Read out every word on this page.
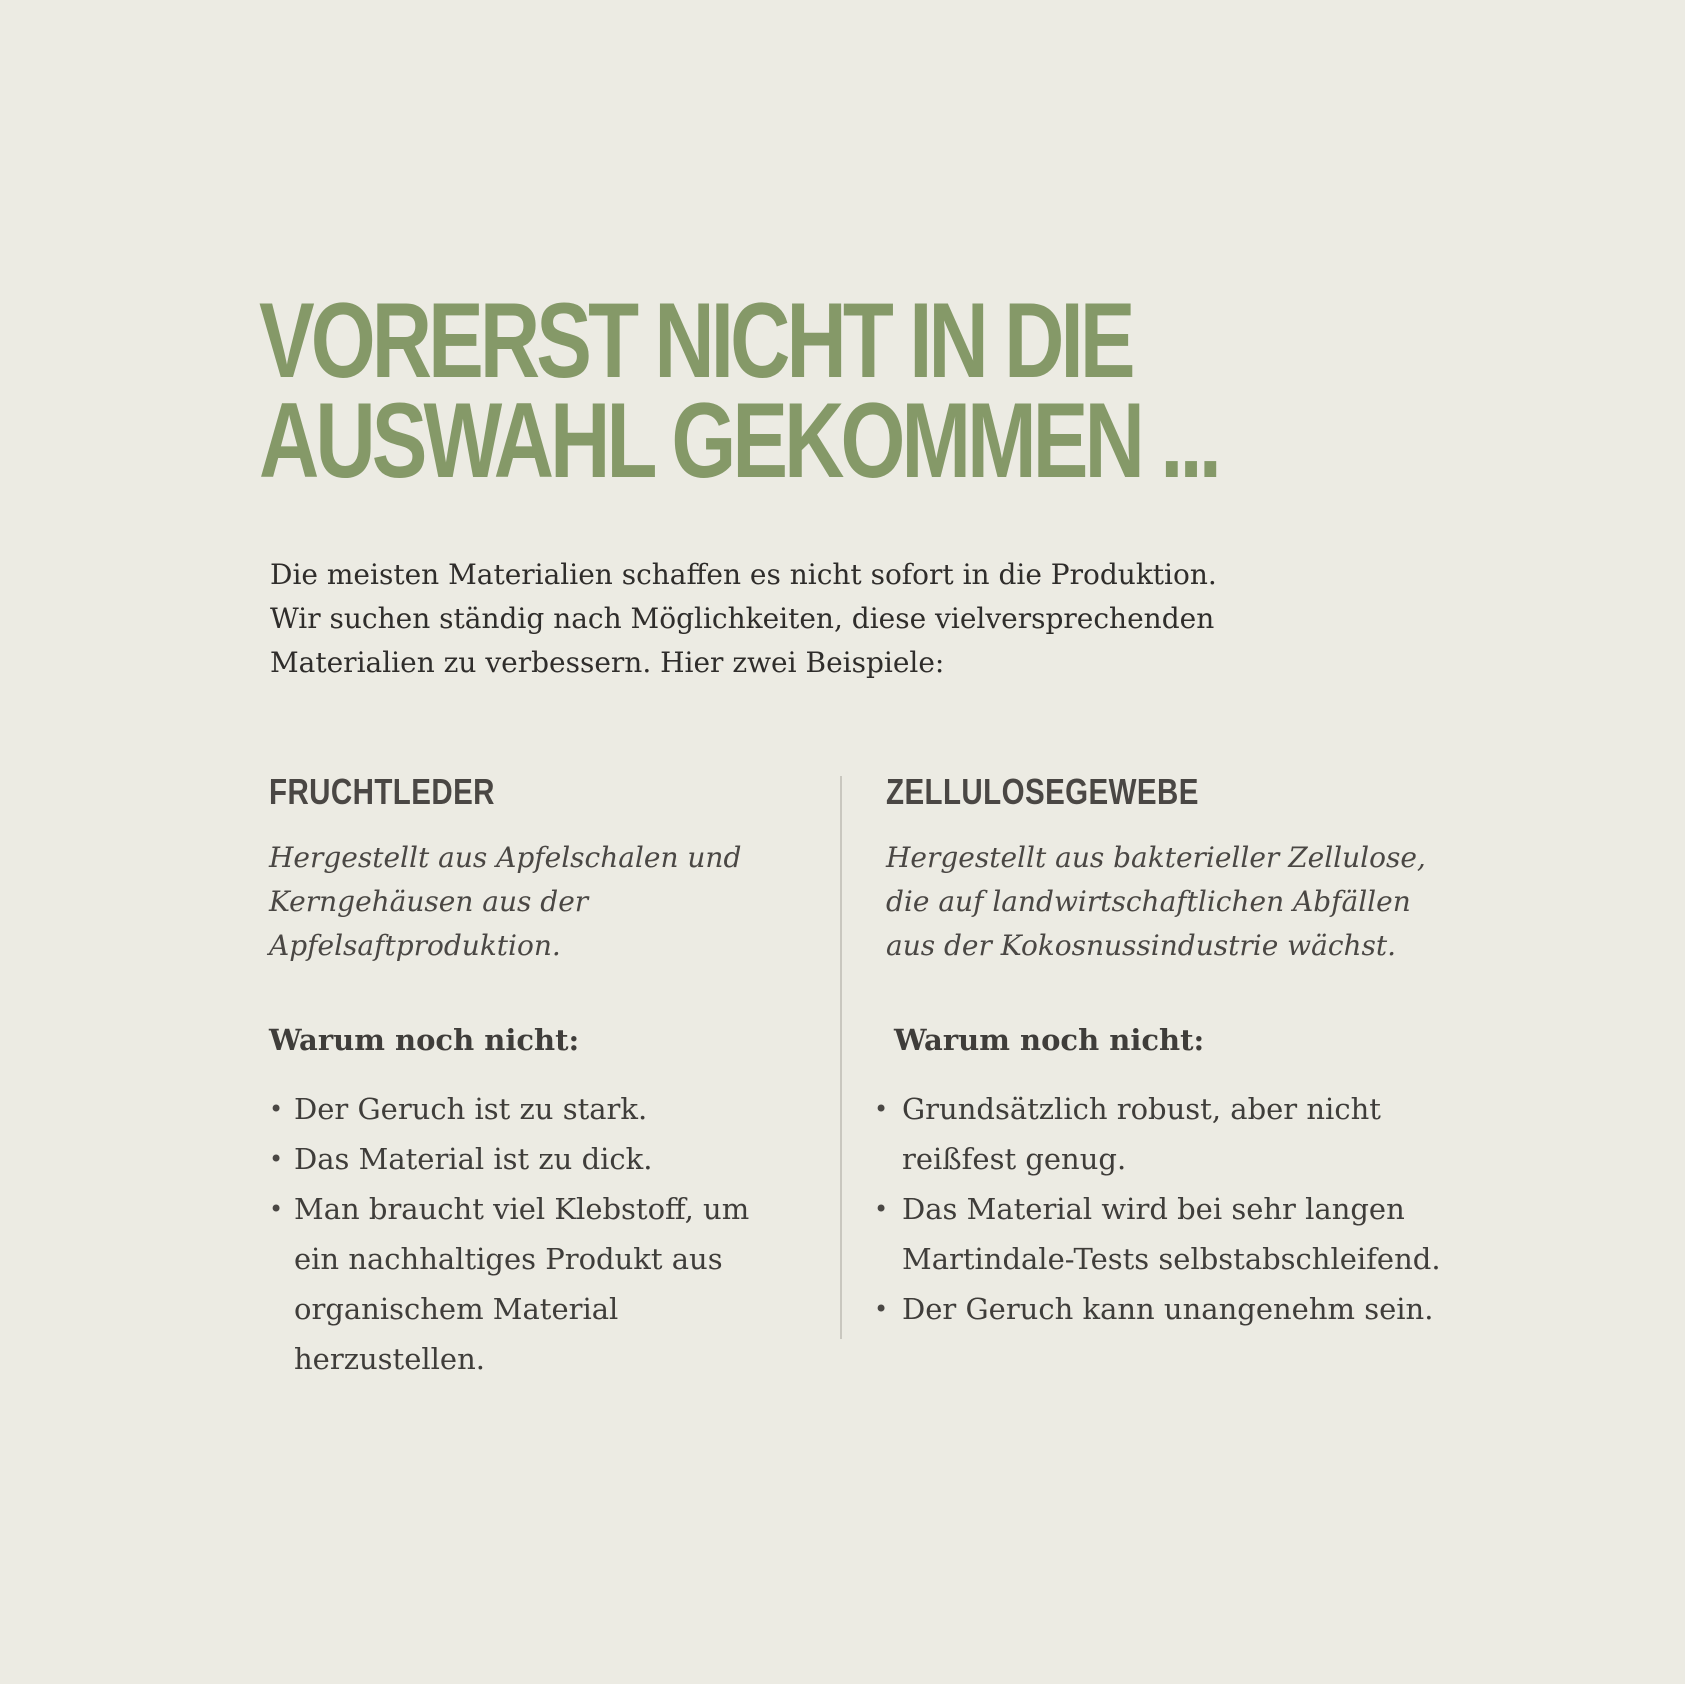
VORERST NICHT IN DIE
AUSWAHL GEKOMMEN ...

Die meisten Materialien schaffen es nicht sofort in die Produktion.
Wir suchen ständig nach Möglichkeiten, diese vielversprechenden
Materialien zu verbessern. Hier zwei Beispiele:

FRUCHTLEDER

Hergestellt aus Apfelschalen und
Kerngehäusen aus der
Apfelsaftproduktion.

Warum noch nicht:

• Der Geruch ist zu stark.
• Das Material ist zu dick.
• Man braucht viel Klebstoff, um
ein nachhaltiges Produkt aus
organischem Material
herzustellen.
ZELLULOSEGEWEBE

Hergestellt aus bakterieller Zellulose,
die auf landwirtschaftlichen Abfällen
aus der Kokosnussindustrie wächst.

Warum noch nicht:

• Grundsätzlich robust, aber nicht
reißfest genug.
• Das Material wird bei sehr langen
Martindale-Tests selbstabschleifend.
• Der Geruch kann unangenehm sein.
